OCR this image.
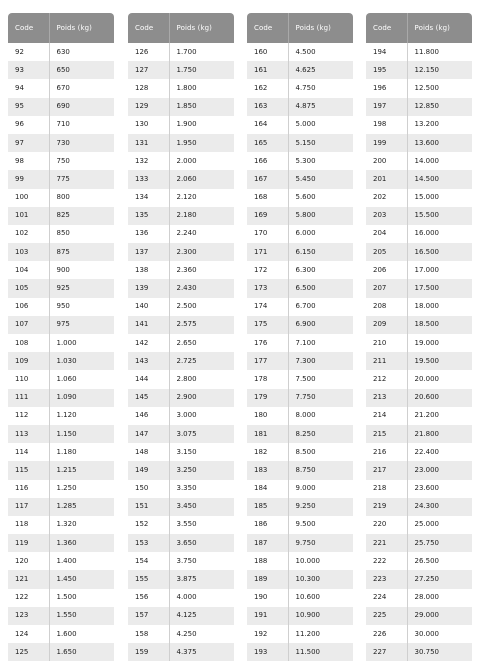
Code	Poids (kg)
92	630
93	650
94	670
95	690
96	710
97	730
98	750
99	775
100	800
101	825
102	850
103	875
104	900
105	925
106	950
107	975
108	1.000
109	1.030
110	1.060
111	1.090
112	1.120
113	1.150
114	1.180
115	1.215
116	1.250
117	1.285
118	1.320
119	1.360
120	1.400
121	1.450
122	1.500
123	1.550
124	1.600
125	1.650
Code	Poids (kg)
126	1.700
127	1.750
128	1.800
129	1.850
130	1.900
131	1.950
132	2.000
133	2.060
134	2.120
135	2.180
136	2.240
137	2.300
138	2.360
139	2.430
140	2.500
141	2.575
142	2.650
143	2.725
144	2.800
145	2.900
146	3.000
147	3.075
148	3.150
149	3.250
150	3.350
151	3.450
152	3.550
153	3.650
154	3.750
155	3.875
156	4.000
157	4.125
158	4.250
159	4.375
Code	Poids (kg)
160	4.500
161	4.625
162	4.750
163	4.875
164	5.000
165	5.150
166	5.300
167	5.450
168	5.600
169	5.800
170	6.000
171	6.150
172	6.300
173	6.500
174	6.700
175	6.900
176	7.100
177	7.300
178	7.500
179	7.750
180	8.000
181	8.250
182	8.500
183	8.750
184	9.000
185	9.250
186	9.500
187	9.750
188	10.000
189	10.300
190	10.600
191	10.900
192	11.200
193	11.500
Code	Poids (kg)
194	11.800
195	12.150
196	12.500
197	12.850
198	13.200
199	13.600
200	14.000
201	14.500
202	15.000
203	15.500
204	16.000
205	16.500
206	17.000
207	17.500
208	18.000
209	18.500
210	19.000
211	19.500
212	20.000
213	20.600
214	21.200
215	21.800
216	22.400
217	23.000
218	23.600
219	24.300
220	25.000
221	25.750
222	26.500
223	27.250
224	28.000
225	29.000
226	30.000
227	30.750
